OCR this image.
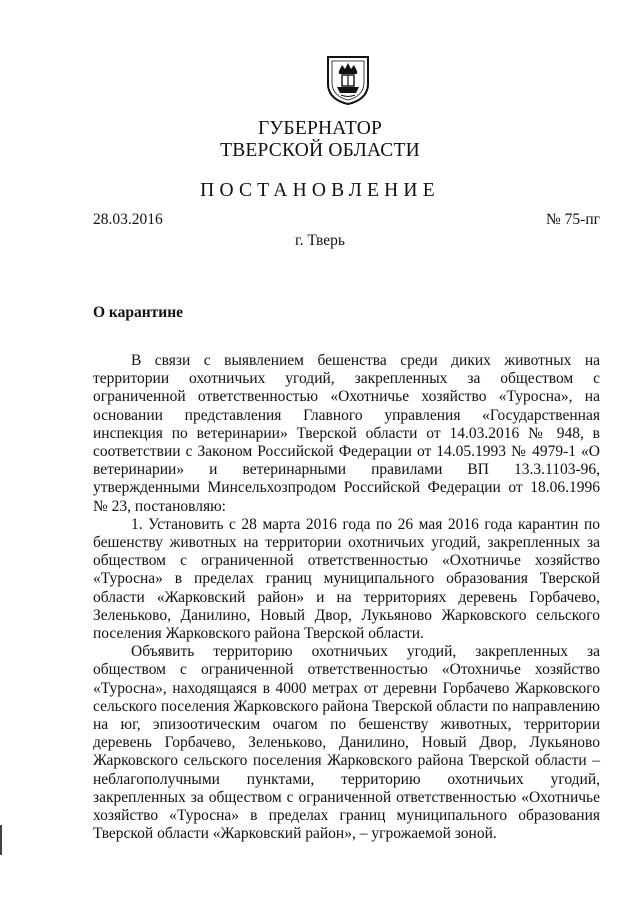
ГУБЕРНАТОР
ТВЕРСКОЙ ОБЛАСТИ
ПОСТАНОВЛЕНИЕ
28.03.2016	№ 75-пг
г. Тверь
О карантине

В связи с выявлением бешенства среди диких животных на территории охотничьих угодий, закрепленных за обществом с ограниченной ответственностью «Охотничье хозяйство «Туросна», на основании представления Главного управления «Государственная инспекция по ветеринарии» Тверской области от 14.03.2016 № 948, в соответствии с Законом Российской Федерации от 14.05.1993 № 4979-1 «О ветеринарии» и ветеринарными правилами ВП 13.3.1103-96, утвержденными Минсельхозпродом Российской Федерации от 18.06.1996 № 23, постановляю:

1. Установить с 28 марта 2016 года по 26 мая 2016 года карантин по бешенству животных на территории охотничьих угодий, закрепленных за обществом с ограниченной ответственностью «Охотничье хозяйство «Туросна» в пределах границ муниципального образования Тверской области «Жарковский район» и на территориях деревень Горбачево, Зеленьково, Данилино, Новый Двор, Лукьяново Жарковского сельского поселения Жарковского района Тверской области.

Объявить территорию охотничьих угодий, закрепленных за обществом с ограниченной ответственностью «Отохничье хозяйство «Туросна», находящаяся в 4000 метрах от деревни Горбачево Жарковского сельского поселения Жарковского района Тверской области по направлению на юг, эпизоотическим очагом по бешенству животных, территории деревень Горбачево, Зеленьково, Данилино, Новый Двор, Лукьяново Жарковского сельского поселения Жарковского района Тверской области – неблагополучными пунктами, территорию охотничьих угодий, закрепленных за обществом с ограниченной ответственностью «Охотничье хозяйство «Туросна» в пределах границ муниципального образования Тверской области «Жарковский район», – угрожаемой зоной.
